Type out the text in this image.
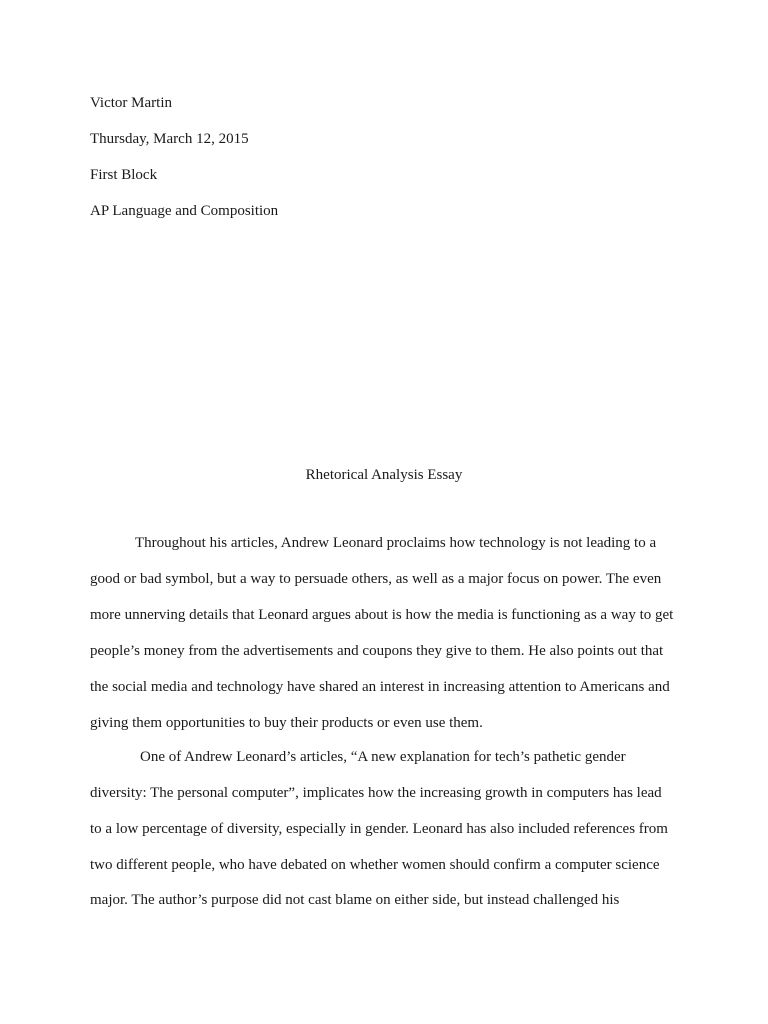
Victor Martin
Thursday, March 12, 2015
First Block
AP Language and Composition
Rhetorical Analysis Essay
Throughout his articles, Andrew Leonard proclaims how technology is not leading to a
good or bad symbol, but a way to persuade others, as well as a major focus on power. The even
more unnerving details that Leonard argues about is how the media is functioning as a way to get
people’s money from the advertisements and coupons they give to them. He also points out that
the social media and technology have shared an interest in increasing attention to Americans and
giving them opportunities to buy their products or even use them.
One of Andrew Leonard’s articles, “A new explanation for tech’s pathetic gender
diversity: The personal computer”, implicates how the increasing growth in computers has lead
to a low percentage of diversity, especially in gender. Leonard has also included references from
two different people, who have debated on whether women should confirm a computer science
major. The author’s purpose did not cast blame on either side, but instead challenged his
